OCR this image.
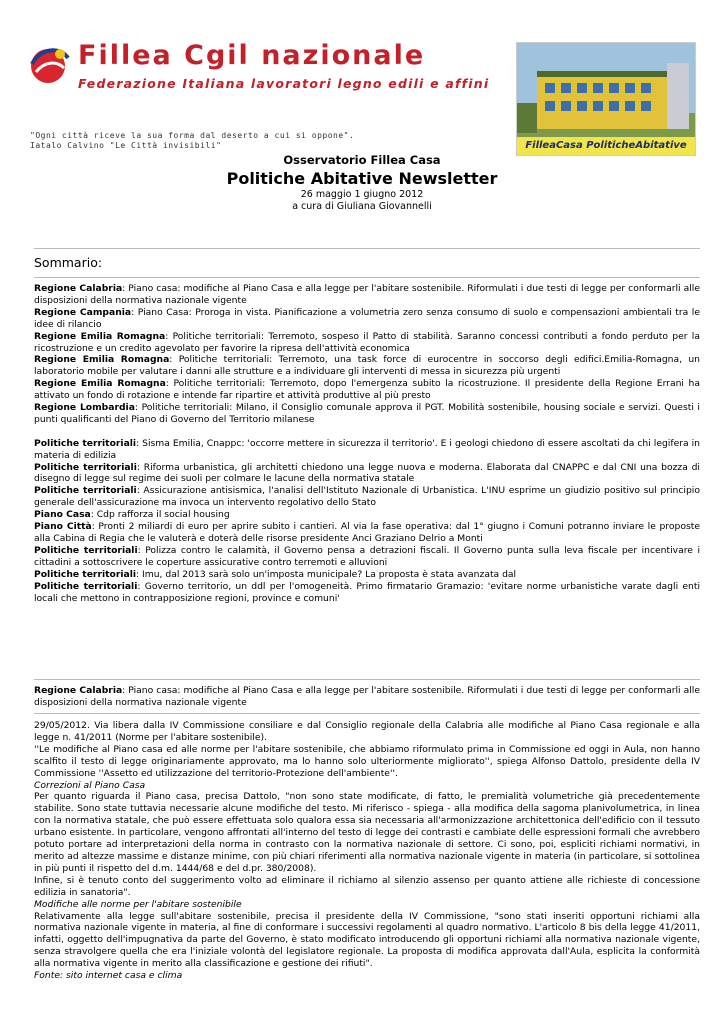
Fillea Cgil nazionale
Federazione Italiana lavoratori legno edili e affini
"Ogni città riceve la sua forma dal deserto a cui si oppone".
Iatalo Calvino "Le Città invisibili"	FilleaCasa PoliticheAbitative

Osservatorio Fillea Casa

Politiche Abitative Newsletter

26 maggio 1 giugno 2012

a cura di Giuliana Giovannelli

Sommario:

Regione Calabria: Piano casa: modifiche al Piano Casa e alla legge per l'abitare sostenibile. Riformulati i due testi di legge per conformarli alle disposizioni della normativa nazionale vigente

Regione Campania: Piano Casa: Proroga in vista. Pianificazione a volumetria zero senza consumo di suolo e compensazioni ambientali tra le idee di rilancio

Regione Emilia Romagna: Politiche territoriali: Terremoto, sospeso il Patto di stabilità. Saranno concessi contributi a fondo perduto per la ricostruzione e un credito agevolato per favorire la ripresa dell'attività economica

Regione Emilia Romagna: Politiche territoriali: Terremoto, una task force di eurocentre in soccorso degli edifici.Emilia-Romagna, un laboratorio mobile per valutare i danni alle strutture e a individuare gli interventi di messa in sicurezza più urgenti

Regione Emilia Romagna: Politiche territoriali: Terremoto, dopo l'emergenza subito la ricostruzione. Il presidente della Regione Errani ha attivato un fondo di rotazione e intende far ripartire et attività produttive al più presto

Regione Lombardia: Politiche territoriali: Milano, il Consiglio comunale approva il PGT. Mobilità sostenibile, housing sociale e servizi. Questi i punti qualificanti del Piano di Governo del Territorio milanese

Politiche territoriali: Sisma Emilia, Cnappc: 'occorre mettere in sicurezza il territorio'. E i geologi chiedono di essere ascoltati da chi legifera in materia di edilizia

Politiche territoriali: Riforma urbanistica, gli architetti chiedono una legge nuova e moderna. Elaborata dal CNAPPC e dal CNI una bozza di disegno di legge sul regime dei suoli per colmare le lacune della normativa statale

Politiche territoriali: Assicurazione antisismica, l'analisi dell'Istituto Nazionale di Urbanistica. L'INU esprime un giudizio positivo sul principio generale dell'assicurazione ma invoca un intervento regolativo dello Stato

Piano Casa: Cdp rafforza il social housing

Piano Città: Pronti 2 miliardi di euro per aprire subito i cantieri. Al via la fase operativa: dal 1° giugno i Comuni potranno inviare le proposte alla Cabina di Regia che le valuterà e doterà delle risorse presidente Anci Graziano Delrio a Monti

Politiche territoriali: Polizza contro le calamità, il Governo pensa a detrazioni fiscali. Il Governo punta sulla leva fiscale per incentivare i cittadini a sottoscrivere le coperture assicurative contro terremoti e alluvioni

Politiche territoriali: Imu, dal 2013 sarà solo un'imposta municipale? La proposta è stata avanzata dal

Politiche territoriali: Governo territorio, un ddl per l'omogeneità. Primo firmatario Gramazio: 'evitare norme urbanistiche varate dagli enti locali che mettono in contrapposizione regioni, province e comuni'

Regione Calabria: Piano casa: modifiche al Piano Casa e alla legge per l'abitare sostenibile. Riformulati i due testi di legge per conformarli alle disposizioni della normativa nazionale vigente

29/05/2012. Via libera dalla IV Commissione consiliare e dal Consiglio regionale della Calabria alle modifiche al Piano Casa regionale e alla legge n. 41/2011 (Norme per l'abitare sostenibile).

''Le modifiche al Piano casa ed alle norme per l'abitare sostenibile, che abbiamo riformulato prima in Commissione ed oggi in Aula, non hanno scalfito il testo di legge originariamente approvato, ma lo hanno solo ulteriormente migliorato'', spiega Alfonso Dattolo, presidente della IV Commissione ''Assetto ed utilizzazione del territorio-Protezione dell'ambiente''.

Correzioni al Piano Casa

Per quanto riguarda il Piano casa, precisa Dattolo, "non sono state modificate, di fatto, le premialità volumetriche già precedentemente stabilite. Sono state tuttavia necessarie alcune modifiche del testo. Mi riferisco - spiega - alla modifica della sagoma planivolumetrica, in linea con la normativa statale, che può essere effettuata solo qualora essa sia necessaria all'armonizzazione architettonica dell'edificio con il tessuto urbano esistente. In particolare, vengono affrontati all'interno del testo di legge dei contrasti e cambiate delle espressioni formali che avrebbero potuto portare ad interpretazioni della norma in contrasto con la normativa nazionale di settore. Ci sono, poi, espliciti richiami normativi, in merito ad altezze massime e distanze minime, con più chiari riferimenti alla normativa nazionale vigente in materia (in particolare, si sottolinea in più punti il rispetto del d.m. 1444/68 e del d.pr. 380/2008).

Infine, si è tenuto conto del suggerimento volto ad eliminare il richiamo al silenzio assenso per quanto attiene alle richieste di concessione edilizia in sanatoria".

Modifiche alle norme per l'abitare sostenibile

Relativamente alla legge sull'abitare sostenibile, precisa il presidente della IV Commissione, "sono stati inseriti opportuni richiami alla normativa nazionale vigente in materia, al fine di conformare i successivi regolamenti al quadro normativo. L'articolo 8 bis della legge 41/2011, infatti, oggetto dell'impugnativa da parte del Governo, è stato modificato introducendo gli opportuni richiami alla normativa nazionale vigente, senza stravolgere quella che era l'iniziale volontà del legislatore regionale. La proposta di modifica approvata dall'Aula, esplicita la conformità alla normativa vigente in merito alla classificazione e gestione dei rifiuti".

Fonte: sito internet casa e clima
